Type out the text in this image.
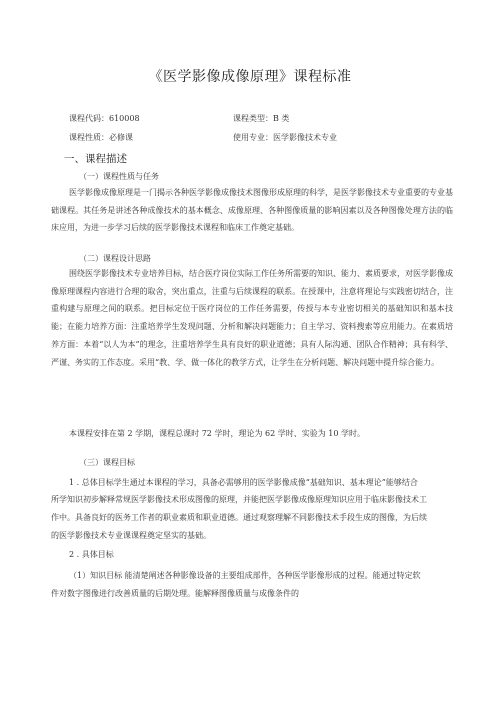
《医学影像成像原理》课程标准
课程代码：610008	课程类型：B 类
课程性质：必修课	使用专业：医学影像技术专业
一、课程描述
（一）课程性质与任务
医学影像成像原理是一门揭示各种医学影像成像技术图像形成原理的科学，是医学影像技术专业重要的专业基础课程。其任务是讲述各种成像技术的基本概念、成像原理、各种图像质量的影响因素以及各种图像处理方法的临床应用，为进一步学习后续的医学影像技术课程和临床工作奠定基础。
（二）课程设计思路
围绕医学影像技术专业培养目标，结合医疗岗位实际工作任务所需要的知识、能力、素质要求，对医学影像成像原理课程内容进行合理的取舍，突出重点，注重与后续课程的联系。在授课中，注意将理论与实践密切结合，注重构建与原理之间的联系。把目标定位于医疗岗位的工作任务需要，传授与本专业密切相关的基础知识和基本技能；在能力培养方面：注重培养学生发现问题、分析和解决问题能力；自主学习、资料搜索等应用能力。在素质培养方面：本着“以人为本”的理念，注重培养学生具有良好的职业道德；具有人际沟通、团队合作精神；具有科学、严谨、务实的工作态度。采用“教、学、做一体化的教学方式，让学生在分析问题、解决问题中提升综合能力。
本课程安排在第 2 学期，课程总课时 72 学时，理论为 62 学时、实验为 10 学时。
（三）课程目标
1 . 总体目标学生通过本课程的学习，具备必需够用的医学影像成像“基础知识、基本理论”能够结合
所学知识初步解释常规医学影像技术形成图像的原理，并能把医学影像成像原理知识应用于临床影像技术工
作中。具备良好的医务工作者的职业素质和职业道德。通过观察理解不同影像技术手段生成的图像，为后续
的医学影像技术专业课课程奠定坚实的基础。
2 . 具体目标
（1）知识目标 能清楚阐述各种影像设备的主要组成部件，各种医学影像形成的过程。能通过特定软
件对数字图像进行改善质量的后期处理。能解释图像质量与成像条件的
